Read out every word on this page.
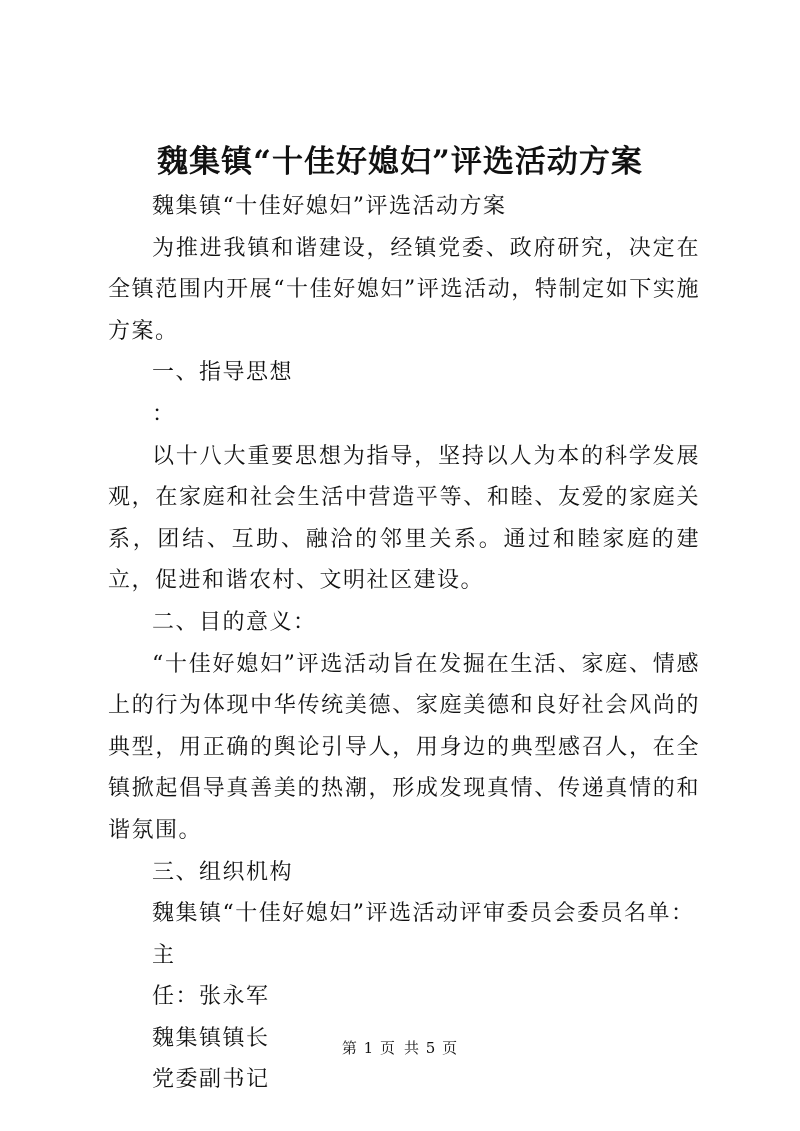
魏集镇“十佳好媳妇”评选活动方案

魏集镇“十佳好媳妇”评选活动方案

为推进我镇和谐建设，经镇党委、政府研究，决定在全镇范围内开展“十佳好媳妇”评选活动，特制定如下实施方案。

一、指导思想

：

以十八大重要思想为指导，坚持以人为本的科学发展观，在家庭和社会生活中营造平等、和睦、友爱的家庭关系，团结、互助、融洽的邻里关系。通过和睦家庭的建立，促进和谐农村、文明社区建设。

二、目的意义：

“十佳好媳妇”评选活动旨在发掘在生活、家庭、情感上的行为体现中华传统美德、家庭美德和良好社会风尚的典型，用正确的舆论引导人，用身边的典型感召人，在全镇掀起倡导真善美的热潮，形成发现真情、传递真情的和谐氛围。

三、组织机构

魏集镇“十佳好媳妇”评选活动评审委员会委员名单：

主

任：张永军

魏集镇镇长

党委副书记

第 1 页 共 5 页
